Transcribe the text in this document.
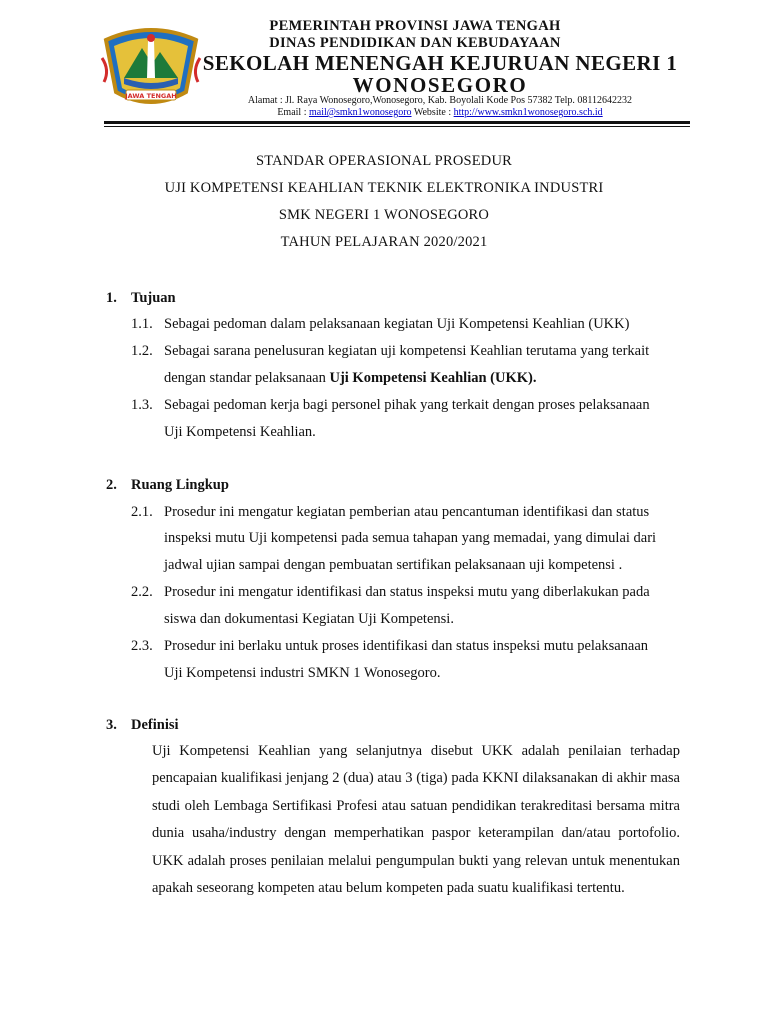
JAWA TENGAH
PEMERINTAH PROVINSI JAWA TENGAH
DINAS PENDIDIKAN DAN KEBUDAYAAN
SEKOLAH MENENGAH KEJURUAN NEGERI 1
WONOSEGORO
Alamat : Jl. Raya Wonosegoro,Wonosegoro, Kab. Boyolali Kode Pos 57382 Telp. 08112642232
Email : mail@smkn1wonosegoro Website : http://www.smkn1wonosegoro.sch.id
STANDAR OPERASIONAL PROSEDUR
UJI KOMPETENSI KEAHLIAN TEKNIK ELEKTRONIKA INDUSTRI
SMK NEGERI 1 WONOSEGORO
TAHUN PELAJARAN 2020/2021
1. Tujuan
1.1. Sebagai pedoman dalam pelaksanaan kegiatan Uji Kompetensi Keahlian (UKK)
1.2. Sebagai sarana penelusuran kegiatan uji kompetensi Keahlian terutama yang terkait
dengan standar pelaksanaan Uji Kompetensi Keahlian (UKK).
1.3. Sebagai pedoman kerja bagi personel pihak yang terkait dengan proses pelaksanaan
Uji Kompetensi Keahlian.
2. Ruang Lingkup
2.1. Prosedur ini mengatur kegiatan pemberian atau pencantuman identifikasi dan status
inspeksi mutu Uji kompetensi pada semua tahapan yang memadai, yang dimulai dari
jadwal ujian sampai dengan pembuatan sertifikan pelaksanaan uji kompetensi .
2.2. Prosedur ini mengatur identifikasi dan status inspeksi mutu yang diberlakukan pada
siswa dan dokumentasi Kegiatan Uji Kompetensi.
2.3. Prosedur ini berlaku untuk proses identifikasi dan status inspeksi mutu pelaksanaan
Uji Kompetensi industri SMKN 1 Wonosegoro.
3. Definisi
Uji Kompetensi Keahlian yang selanjutnya disebut UKK adalah penilaian terhadap pencapaian kualifikasi jenjang 2 (dua) atau 3 (tiga) pada KKNI dilaksanakan di akhir masa studi oleh Lembaga Sertifikasi Profesi atau satuan pendidikan terakreditasi bersama mitra dunia usaha/industry dengan memperhatikan paspor keterampilan dan/atau portofolio. UKK adalah proses penilaian melalui pengumpulan bukti yang relevan untuk menentukan apakah seseorang kompeten atau belum kompeten pada suatu kualifikasi tertentu.
